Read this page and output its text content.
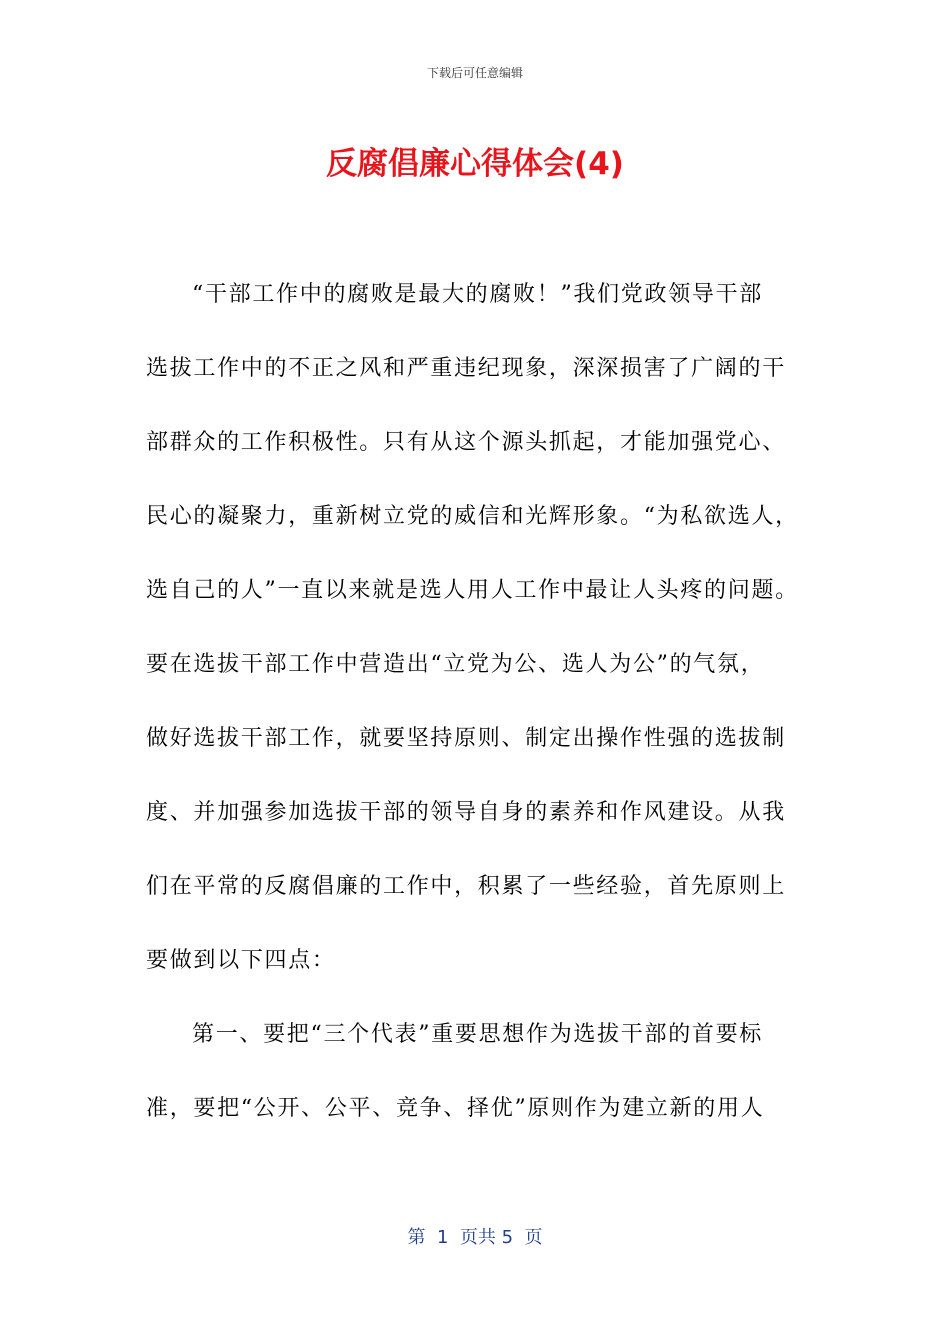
下载后可任意编辑
反腐倡廉心得体会(4)
“干部工作中的腐败是最大的腐败！”我们党政领导干部
选拔工作中的不正之风和严重违纪现象，深深损害了广阔的干
部群众的工作积极性。只有从这个源头抓起，才能加强党心、
民心的凝聚力，重新树立党的威信和光辉形象。“为私欲选人，
选自己的人”一直以来就是选人用人工作中最让人头疼的问题。
要在选拔干部工作中营造出“立党为公、选人为公”的气氛，
做好选拔干部工作，就要坚持原则、制定出操作性强的选拔制
度、并加强参加选拔干部的领导自身的素养和作风建设。从我
们在平常的反腐倡廉的工作中，积累了一些经验，首先原则上
要做到以下四点：
第一、要把“三个代表”重要思想作为选拔干部的首要标
准，要把“公开、公平、竞争、择优”原则作为建立新的用人
第  1  页共 5  页
